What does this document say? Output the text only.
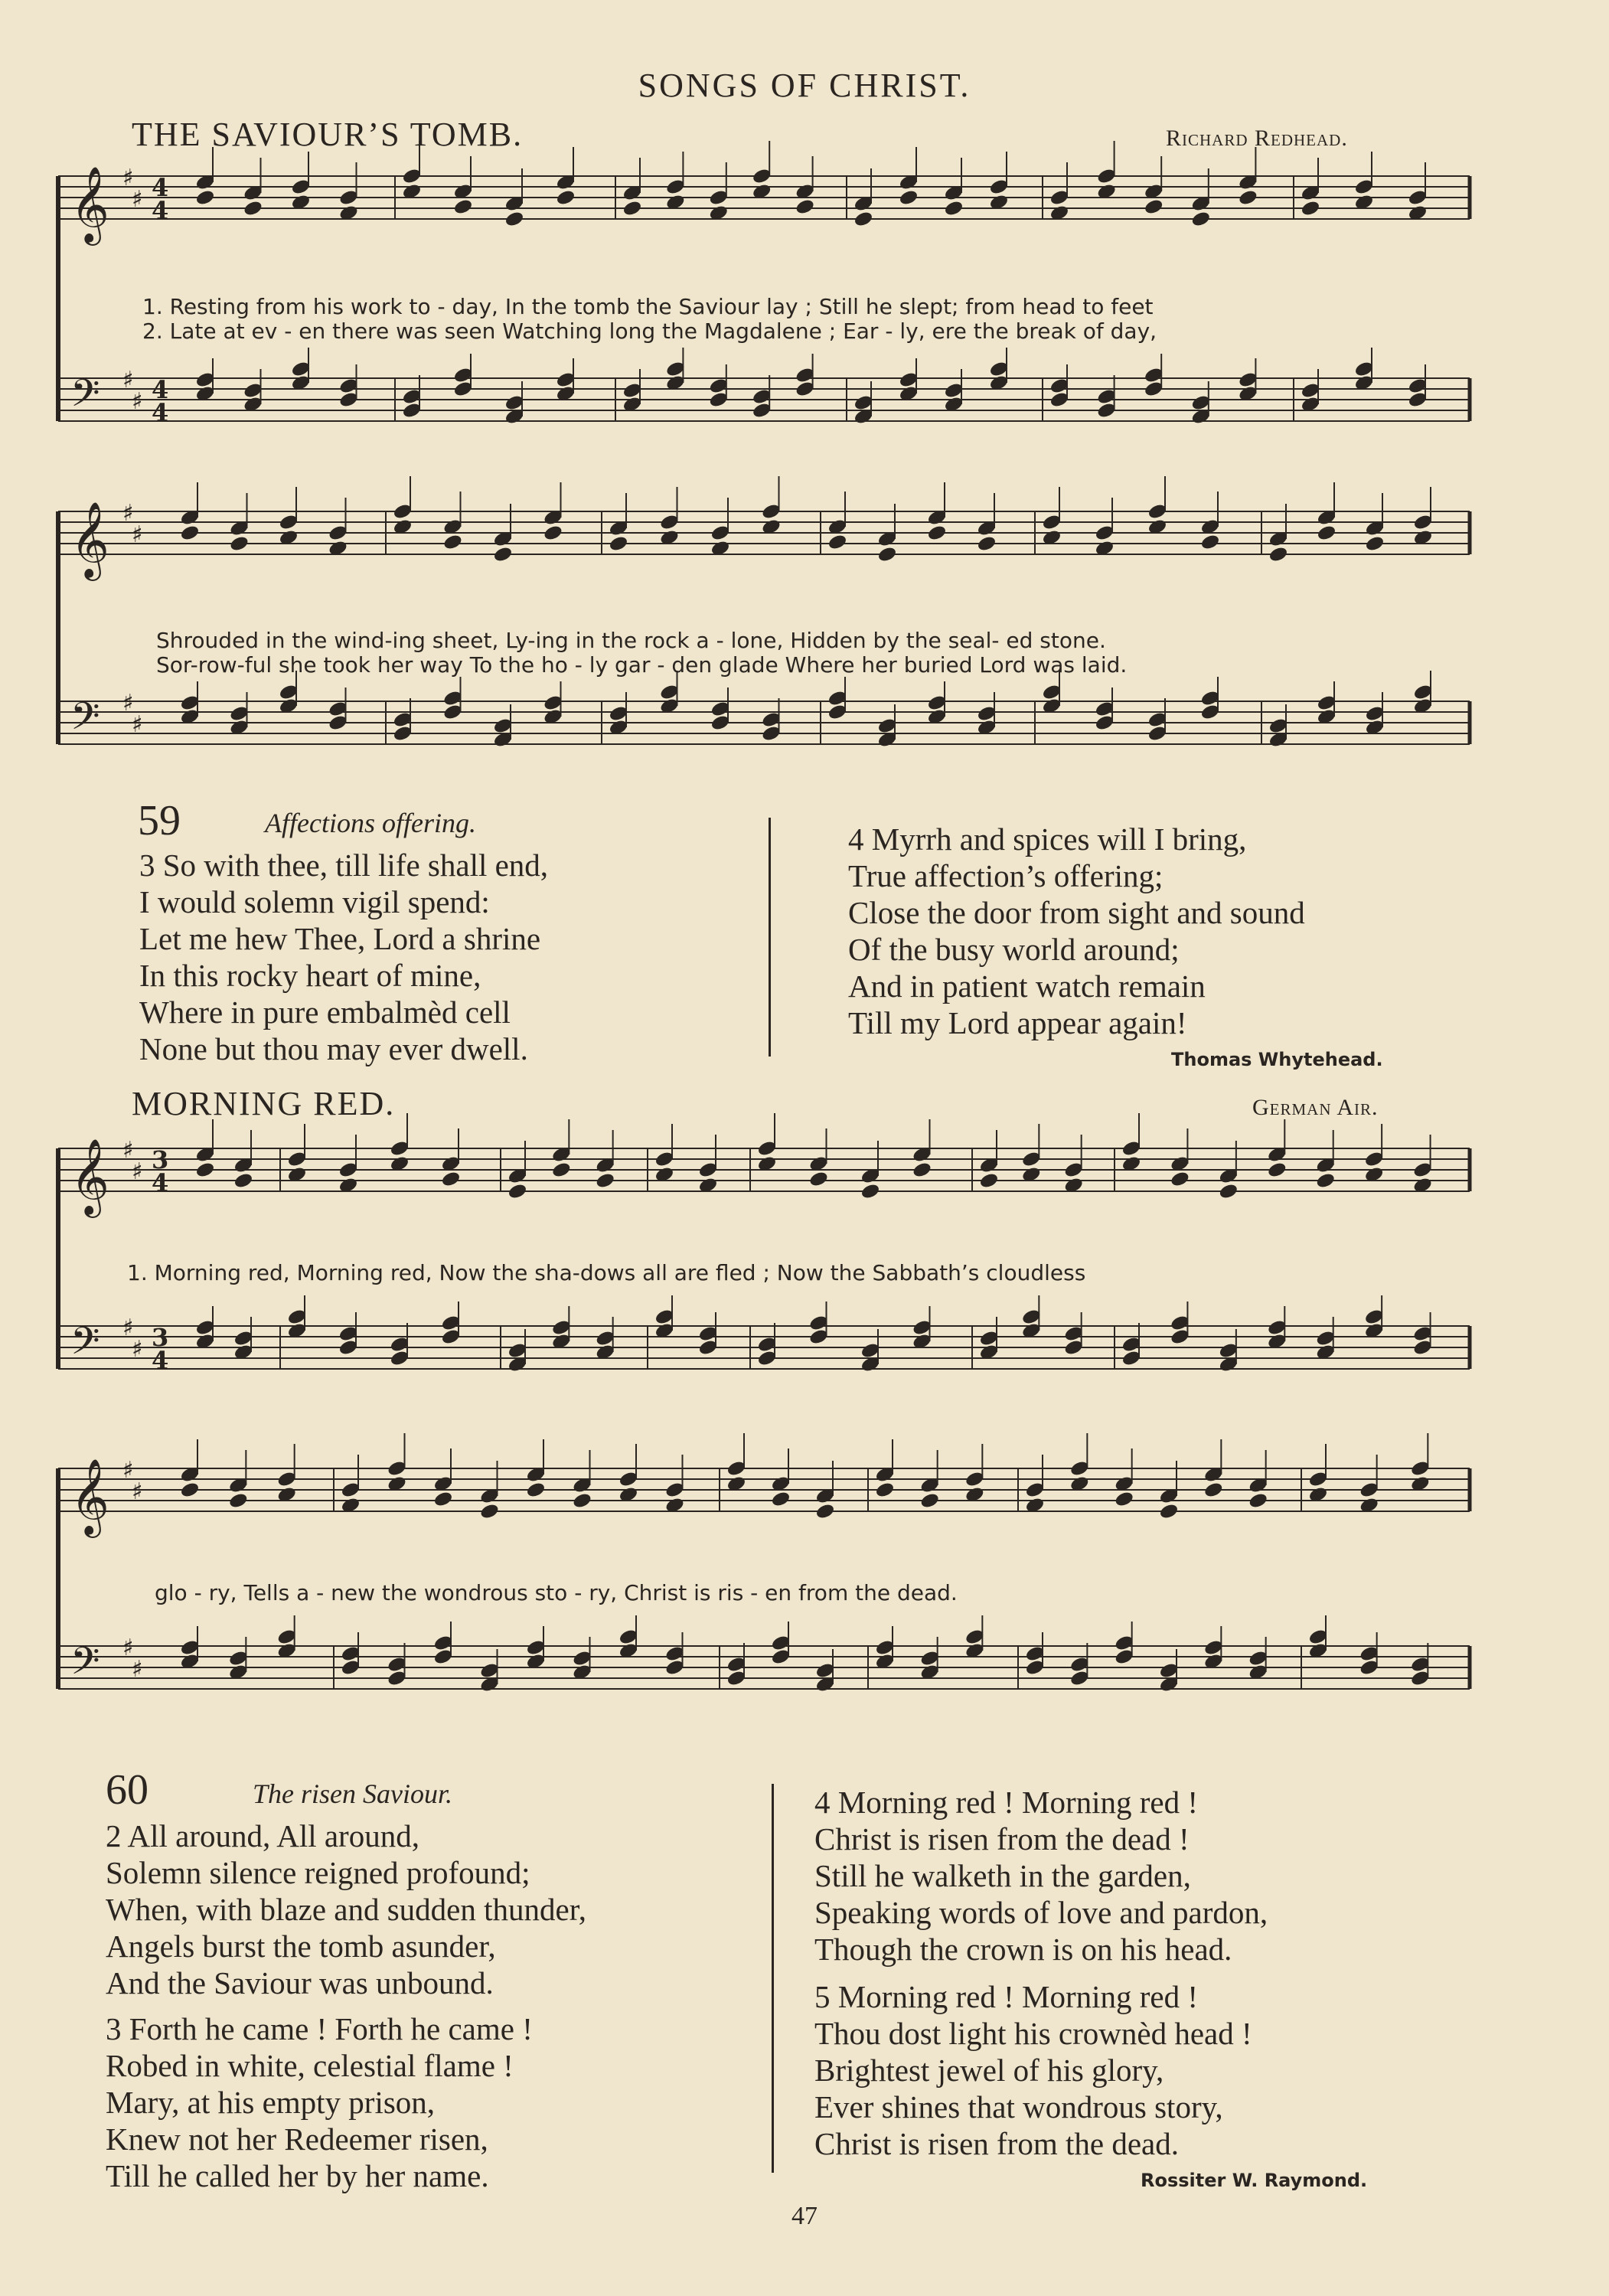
SONGS OF CHRIST.
THE SAVIOUR’S TOMB.	Richard Redhead.
𝄞
𝄢
♯
♯
♯
♯
4
4
4
4
𝄞
𝄢
♯
♯
♯
♯
𝄞
𝄢
♯
♯
♯
♯
3
4
3
4
𝄞
𝄢
♯
♯
♯
♯
1. Resting from his work to - day, In the tomb the Saviour lay ; Still he slept; from head to feet
2. Late at ev - en there was seen Watching long the Magdalene ; Ear - ly, ere the break of day,
Shrouded in the wind-ing sheet, Ly-ing in the rock a - lone, Hidden by the seal- ed stone.
Sor-row-ful she took her way To the ho - ly gar - den glade Where her buried Lord was laid.
59	Affections offering.
3 So with thee, till life shall end,
I would solemn vigil spend:
Let me hew Thee, Lord a shrine
In this rocky heart of mine,
Where in pure embalmèd cell
None but thou may ever dwell.
4 Myrrh and spices will I bring,
True affection’s offering;
Close the door from sight and sound
Of the busy world around;
And in patient watch remain
Till my Lord appear again!
Thomas Whytehead.
MORNING RED.	German Air.
1. Morning red, Morning red, Now the sha-dows all are fled ; Now the Sabbath’s cloudless
glo - ry, Tells a - new the wondrous sto - ry, Christ is ris - en from the dead.
60	The risen Saviour.
2 All around, All around,
Solemn silence reigned profound;
When, with blaze and sudden thunder,
Angels burst the tomb asunder,
And the Saviour was unbound.
3 Forth he came ! Forth he came !
Robed in white, celestial flame !
Mary, at his empty prison,
Knew not her Redeemer risen,
Till he called her by her name.
4 Morning red ! Morning red !
Christ is risen from the dead !
Still he walketh in the garden,
Speaking words of love and pardon,
Though the crown is on his head.
5 Morning red ! Morning red !
Thou dost light his crownèd head !
Brightest jewel of his glory,
Ever shines that wondrous story,
Christ is risen from the dead.
Rossiter W. Raymond.
47
